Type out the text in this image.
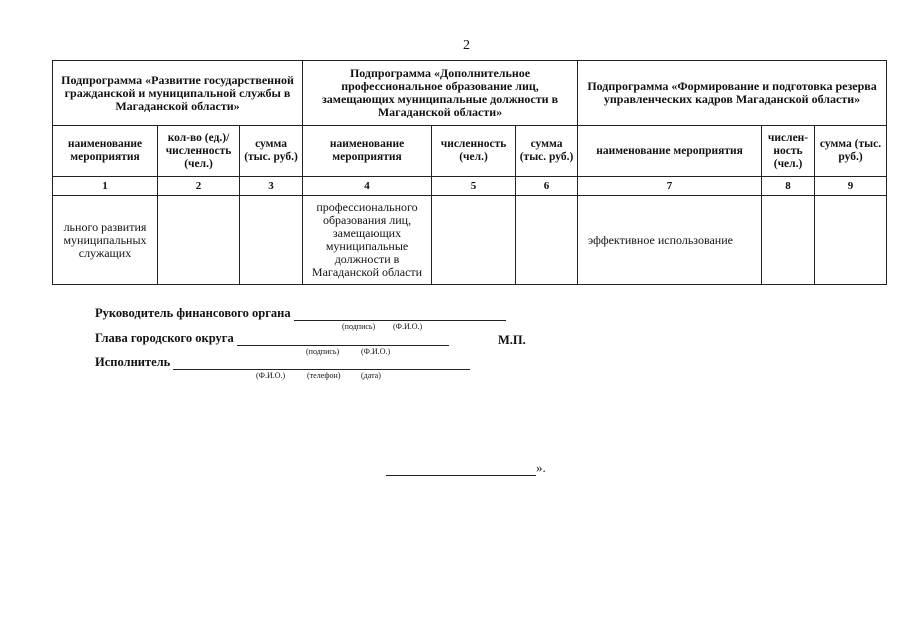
2
Подпрограмма «Развитие государственной гражданской и муниципальной службы в Магаданской области»			Подпрограмма «Дополнительное профессиональное образование лиц, замещающих муниципальные должности в Магаданской области»			Подпрограмма «Формирование и подготовка резерва управленческих кадров Магаданской области»		
наименование мероприятия	кол-во (ед.)/ численность (чел.)	сумма (тыс. руб.)	наименование мероприятия	численность (чел.)	сумма (тыс. руб.)	наименование мероприятия	числен-ность (чел.)	сумма (тыс. руб.)
1	2	3	4	5	6	7	8	9
льного развития муниципальных служащих			профессионального образования лиц, замещающих муниципальные должности в Магаданской области			эффективное использование		
Руководитель финансового органа
(подпись) (Ф.И.О.)
Глава городского округа
(подпись)	(Ф.И.О.)
М.П.
Исполнитель
(Ф.И.О.)	(телефон)	(дата)
».
